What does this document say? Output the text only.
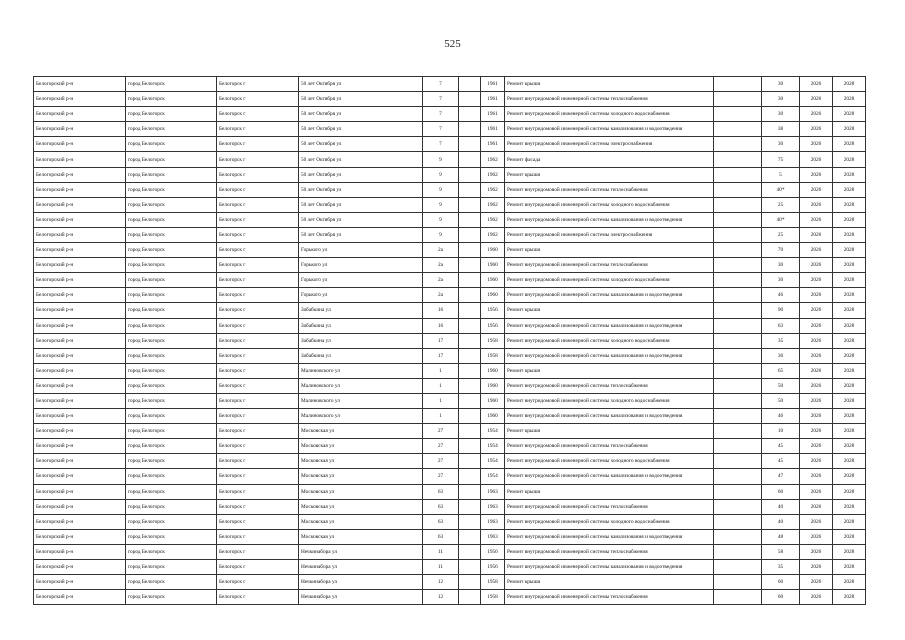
525
Белогорский р-н	город Белогорск	Белогорск г	50 лет Октября ул	7		1961	Ремонт крыши		30	2026	2028
Белогорский р-н	город Белогорск	Белогорск г	50 лет Октября ул	7		1961	Ремонт внутридомовой инженерной системы теплоснабжения		30	2026	2028
Белогорский р-н	город Белогорск	Белогорск г	50 лет Октября ул	7		1961	Ремонт внутридомовой инженерной системы холодного водоснабжения		30	2026	2028
Белогорский р-н	город Белогорск	Белогорск г	50 лет Октября ул	7		1961	Ремонт внутридомовой инженерной системы канализования и водоотведения		38	2026	2028
Белогорский р-н	город Белогорск	Белогорск г	50 лет Октября ул	7		1961	Ремонт внутридомовой инженерной системы электроснабжения		30	2026	2028
Белогорский р-н	город Белогорск	Белогорск г	50 лет Октября ул	9		1962	Ремонт фасада		75	2026	2028
Белогорский р-н	город Белогорск	Белогорск г	50 лет Октября ул	9		1962	Ремонт крыши		5	2026	2028
Белогорский р-н	город Белогорск	Белогорск г	50 лет Октября ул	9		1962	Ремонт внутридомовой инженерной системы теплоснабжения		40*	2026	2028
Белогорский р-н	город Белогорск	Белогорск г	50 лет Октября ул	9		1962	Ремонт внутридомовой инженерной системы холодного водоснабжения		25	2026	2028
Белогорский р-н	город Белогорск	Белогорск г	50 лет Октября ул	9		1962	Ремонт внутридомовой инженерной системы канализования и водоотведения		40*	2026	2028
Белогорский р-н	город Белогорск	Белогорск г	50 лет Октября ул	9		1962	Ремонт внутридомовой инженерной системы электроснабжения		25	2026	2028
Белогорский р-н	город Белогорск	Белогорск г	Горького ул	2а		1960	Ремонт крыши		70	2026	2028
Белогорский р-н	город Белогорск	Белогорск г	Горького ул	2а		1960	Ремонт внутридомовой инженерной системы теплоснабжения		30	2026	2028
Белогорский р-н	город Белогорск	Белогорск г	Горького ул	2а		1960	Ремонт внутридомовой инженерной системы холодного водоснабжения		30	2026	2028
Белогорский р-н	город Белогорск	Белогорск г	Горького ул	2а		1960	Ремонт внутридомовой инженерной системы канализования и водоотведения		46	2026	2028
Белогорский р-н	город Белогорск	Белогорск г	Забабкина ул	16		1956	Ремонт крыши		90	2026	2028
Белогорский р-н	город Белогорск	Белогорск г	Забабкина ул	16		1956	Ремонт внутридомовой инженерной системы канализования и водоотведения		63	2026	2028
Белогорский р-н	город Белогорск	Белогорск г	Забабкина ул	17		1958	Ремонт внутридомовой инженерной системы холодного водоснабжения		35	2026	2028
Белогорский р-н	город Белогорск	Белогорск г	Забабкина ул	17		1958	Ремонт внутридомовой инженерной системы канализования и водоотведения		36	2026	2028
Белогорский р-н	город Белогорск	Белогорск г	Малиновского ул	1		1960	Ремонт крыши		65	2026	2028
Белогорский р-н	город Белогорск	Белогорск г	Малиновского ул	1		1960	Ремонт внутридомовой инженерной системы теплоснабжения		50	2026	2028
Белогорский р-н	город Белогорск	Белогорск г	Малиновского ул	1		1960	Ремонт внутридомовой инженерной системы холодного водоснабжения		50	2026	2028
Белогорский р-н	город Белогорск	Белогорск г	Малиновского ул	1		1960	Ремонт внутридомовой инженерной системы канализования и водоотведения		46	2026	2028
Белогорский р-н	город Белогорск	Белогорск г	Московская ул	27		1954	Ремонт крыши		10	2026	2028
Белогорский р-н	город Белогорск	Белогорск г	Московская ул	27		1954	Ремонт внутридомовой инженерной системы теплоснабжения		45	2026	2028
Белогорский р-н	город Белогорск	Белогорск г	Московская ул	27		1954	Ремонт внутридомовой инженерной системы холодного водоснабжения		45	2026	2028
Белогорский р-н	город Белогорск	Белогорск г	Московская ул	27		1954	Ремонт внутридомовой инженерной системы канализования и водоотведения		47	2026	2028
Белогорский р-н	город Белогорск	Белогорск г	Московская ул	63		1963	Ремонт крыши		60	2026	2028
Белогорский р-н	город Белогорск	Белогорск г	Московская ул	63		1963	Ремонт внутридомовой инженерной системы теплоснабжения		40	2026	2028
Белогорский р-н	город Белогорск	Белогорск г	Московская ул	63		1963	Ремонт внутридомовой инженерной системы холодного водоснабжения		40	2026	2028
Белогорский р-н	город Белогорск	Белогорск г	Московская ул	63		1963	Ремонт внутридомовой инженерной системы канализования и водоотведения		48	2026	2028
Белогорский р-н	город Белогорск	Белогорск г	Нечкинабора ул	11		1956	Ремонт внутридомовой инженерной системы теплоснабжения		58	2026	2028
Белогорский р-н	город Белогорск	Белогорск г	Нечкинабора ул	11		1956	Ремонт внутридомовой инженерной системы канализования и водоотведения		35	2026	2028
Белогорский р-н	город Белогорск	Белогорск г	Нечкинабора ул	12		1958	Ремонт крыши		60	2026	2028
Белогорский р-н	город Белогорск	Белогорск г	Нечкинабора ул	12		1958	Ремонт внутридомовой инженерной системы теплоснабжения		60	2026	2028
